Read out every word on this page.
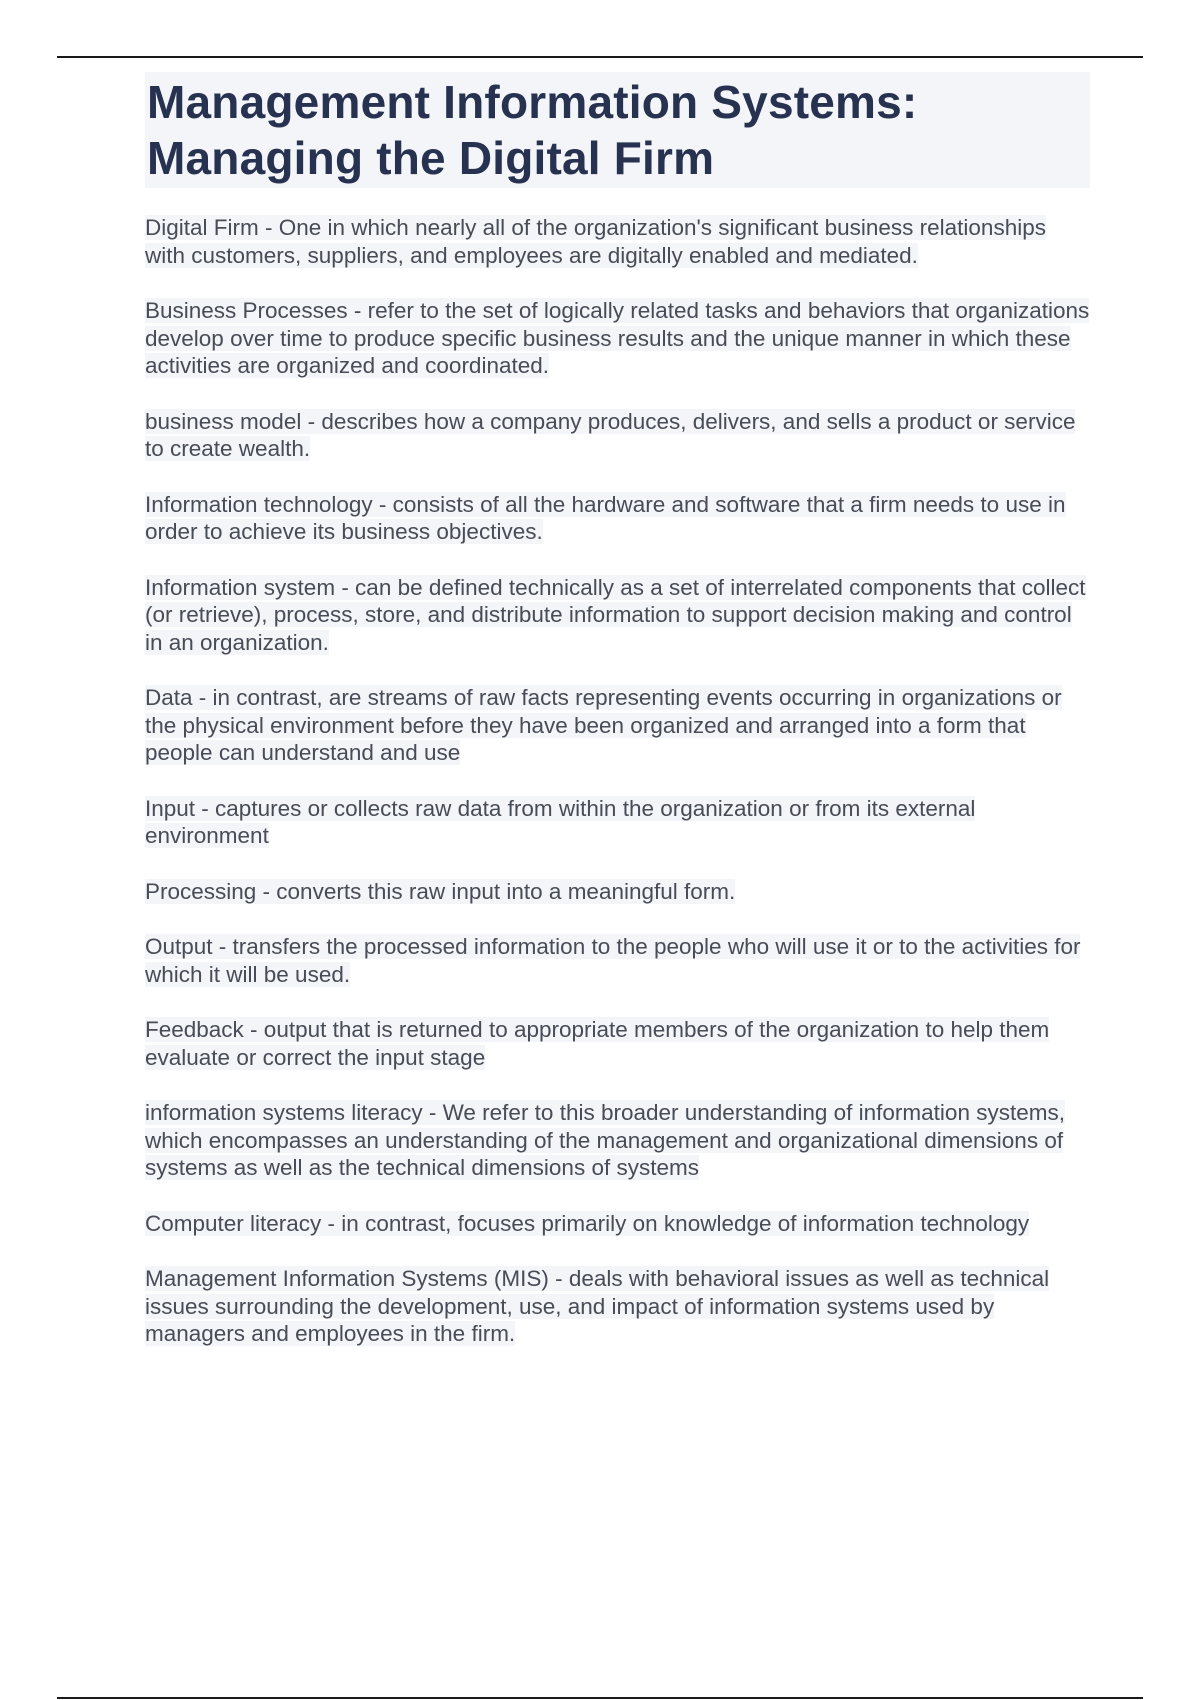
Management Information Systems: Managing the Digital Firm

Digital Firm - One in which nearly all of the organization's significant business relationships with customers, suppliers, and employees are digitally enabled and mediated.

Business Processes - refer to the set of logically related tasks and behaviors that organizations develop over time to produce specific business results and the unique manner in which these activities are organized and coordinated.

business model - describes how a company produces, delivers, and sells a product or service to create wealth.

Information technology - consists of all the hardware and software that a firm needs to use in order to achieve its business objectives.

Information system - can be defined technically as a set of interrelated components that collect (or retrieve), process, store, and distribute information to support decision making and control in an organization.

Data - in contrast, are streams of raw facts representing events occurring in organizations or the physical environment before they have been organized and arranged into a form that people can understand and use

Input - captures or collects raw data from within the organization or from its external environment

Processing - converts this raw input into a meaningful form.

Output - transfers the processed information to the people who will use it or to the activities for which it will be used.

Feedback - output that is returned to appropriate members of the organization to help them evaluate or correct the input stage

information systems literacy - We refer to this broader understanding of information systems, which encompasses an understanding of the management and organizational dimensions of systems as well as the technical dimensions of systems

Computer literacy - in contrast, focuses primarily on knowledge of information technology

Management Information Systems (MIS) - deals with behavioral issues as well as technical issues surrounding the development, use, and impact of information systems used by managers and employees in the firm.
